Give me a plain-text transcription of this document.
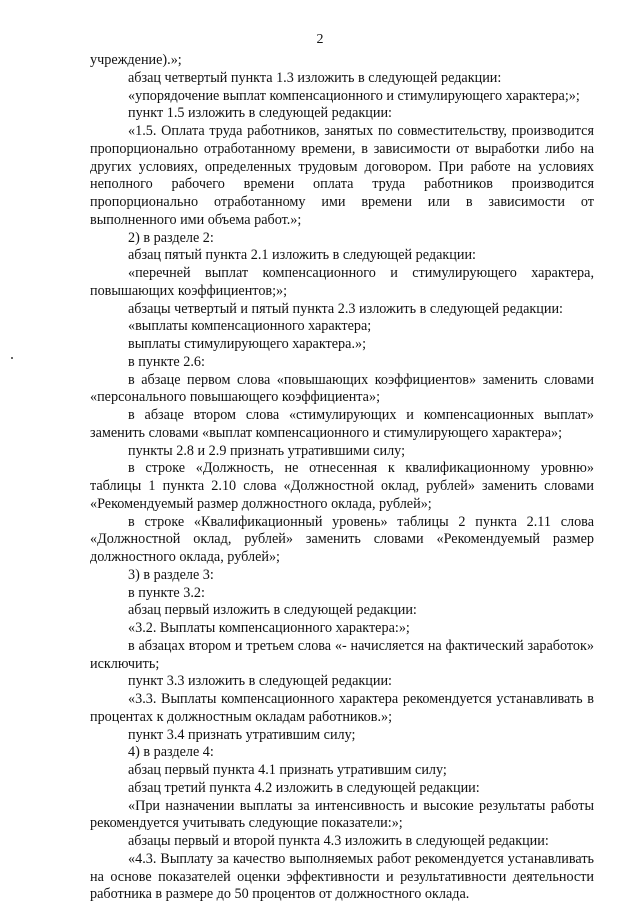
2

учреждение).»;

абзац четвертый пункта 1.3 изложить в следующей редакции:

«упорядочение выплат компенсационного и стимулирующего характера;»;

пункт 1.5 изложить в следующей редакции:

«1.5. Оплата труда работников, занятых по совместительству, производится пропорционально отработанному времени, в зависимости от выработки либо на других условиях, определенных трудовым договором. При работе на условиях неполного рабочего времени оплата труда работников производится пропорционально отработанному ими времени или в зависимости от выполненного ими объема работ.»;

2) в разделе 2:

абзац пятый пункта 2.1 изложить в следующей редакции:

«перечней выплат компенсационного и стимулирующего характера, повышающих коэффициентов;»;

абзацы четвертый и пятый пункта 2.3 изложить в следующей редакции:

«выплаты компенсационного характера;

выплаты стимулирующего характера.»;

в пункте 2.6:

в абзаце первом слова «повышающих коэффициентов» заменить словами «персонального повышающего коэффициента»;

в абзаце втором слова «стимулирующих и компенсационных выплат» заменить словами «выплат компенсационного и стимулирующего характера»;

пункты 2.8 и 2.9 признать утратившими силу;

в строке «Должность, не отнесенная к квалификационному уровню» таблицы 1 пункта 2.10 слова «Должностной оклад, рублей» заменить словами «Рекомендуемый размер должностного оклада, рублей»;

в строке «Квалификационный уровень» таблицы 2 пункта 2.11 слова «Должностной оклад, рублей» заменить словами «Рекомендуемый размер должностного оклада, рублей»;

3) в разделе 3:

в пункте 3.2:

абзац первый изложить в следующей редакции:

«3.2. Выплаты компенсационного характера:»;

в абзацах втором и третьем слова «- начисляется на фактический заработок» исключить;

пункт 3.3 изложить в следующей редакции:

«3.3. Выплаты компенсационного характера рекомендуется устанавливать в процентах к должностным окладам работников.»;

пункт 3.4 признать утратившим силу;

4) в разделе 4:

абзац первый пункта 4.1 признать утратившим силу;

абзац третий пункта 4.2 изложить в следующей редакции:

«При назначении выплаты за интенсивность и высокие результаты работы рекомендуется учитывать следующие показатели:»;

абзацы первый и второй пункта 4.3 изложить в следующей редакции:

«4.3. Выплату за качество выполняемых работ рекомендуется устанавливать на основе показателей оценки эффективности и результативности деятельности работника в размере до 50 процентов от должностного оклада.
